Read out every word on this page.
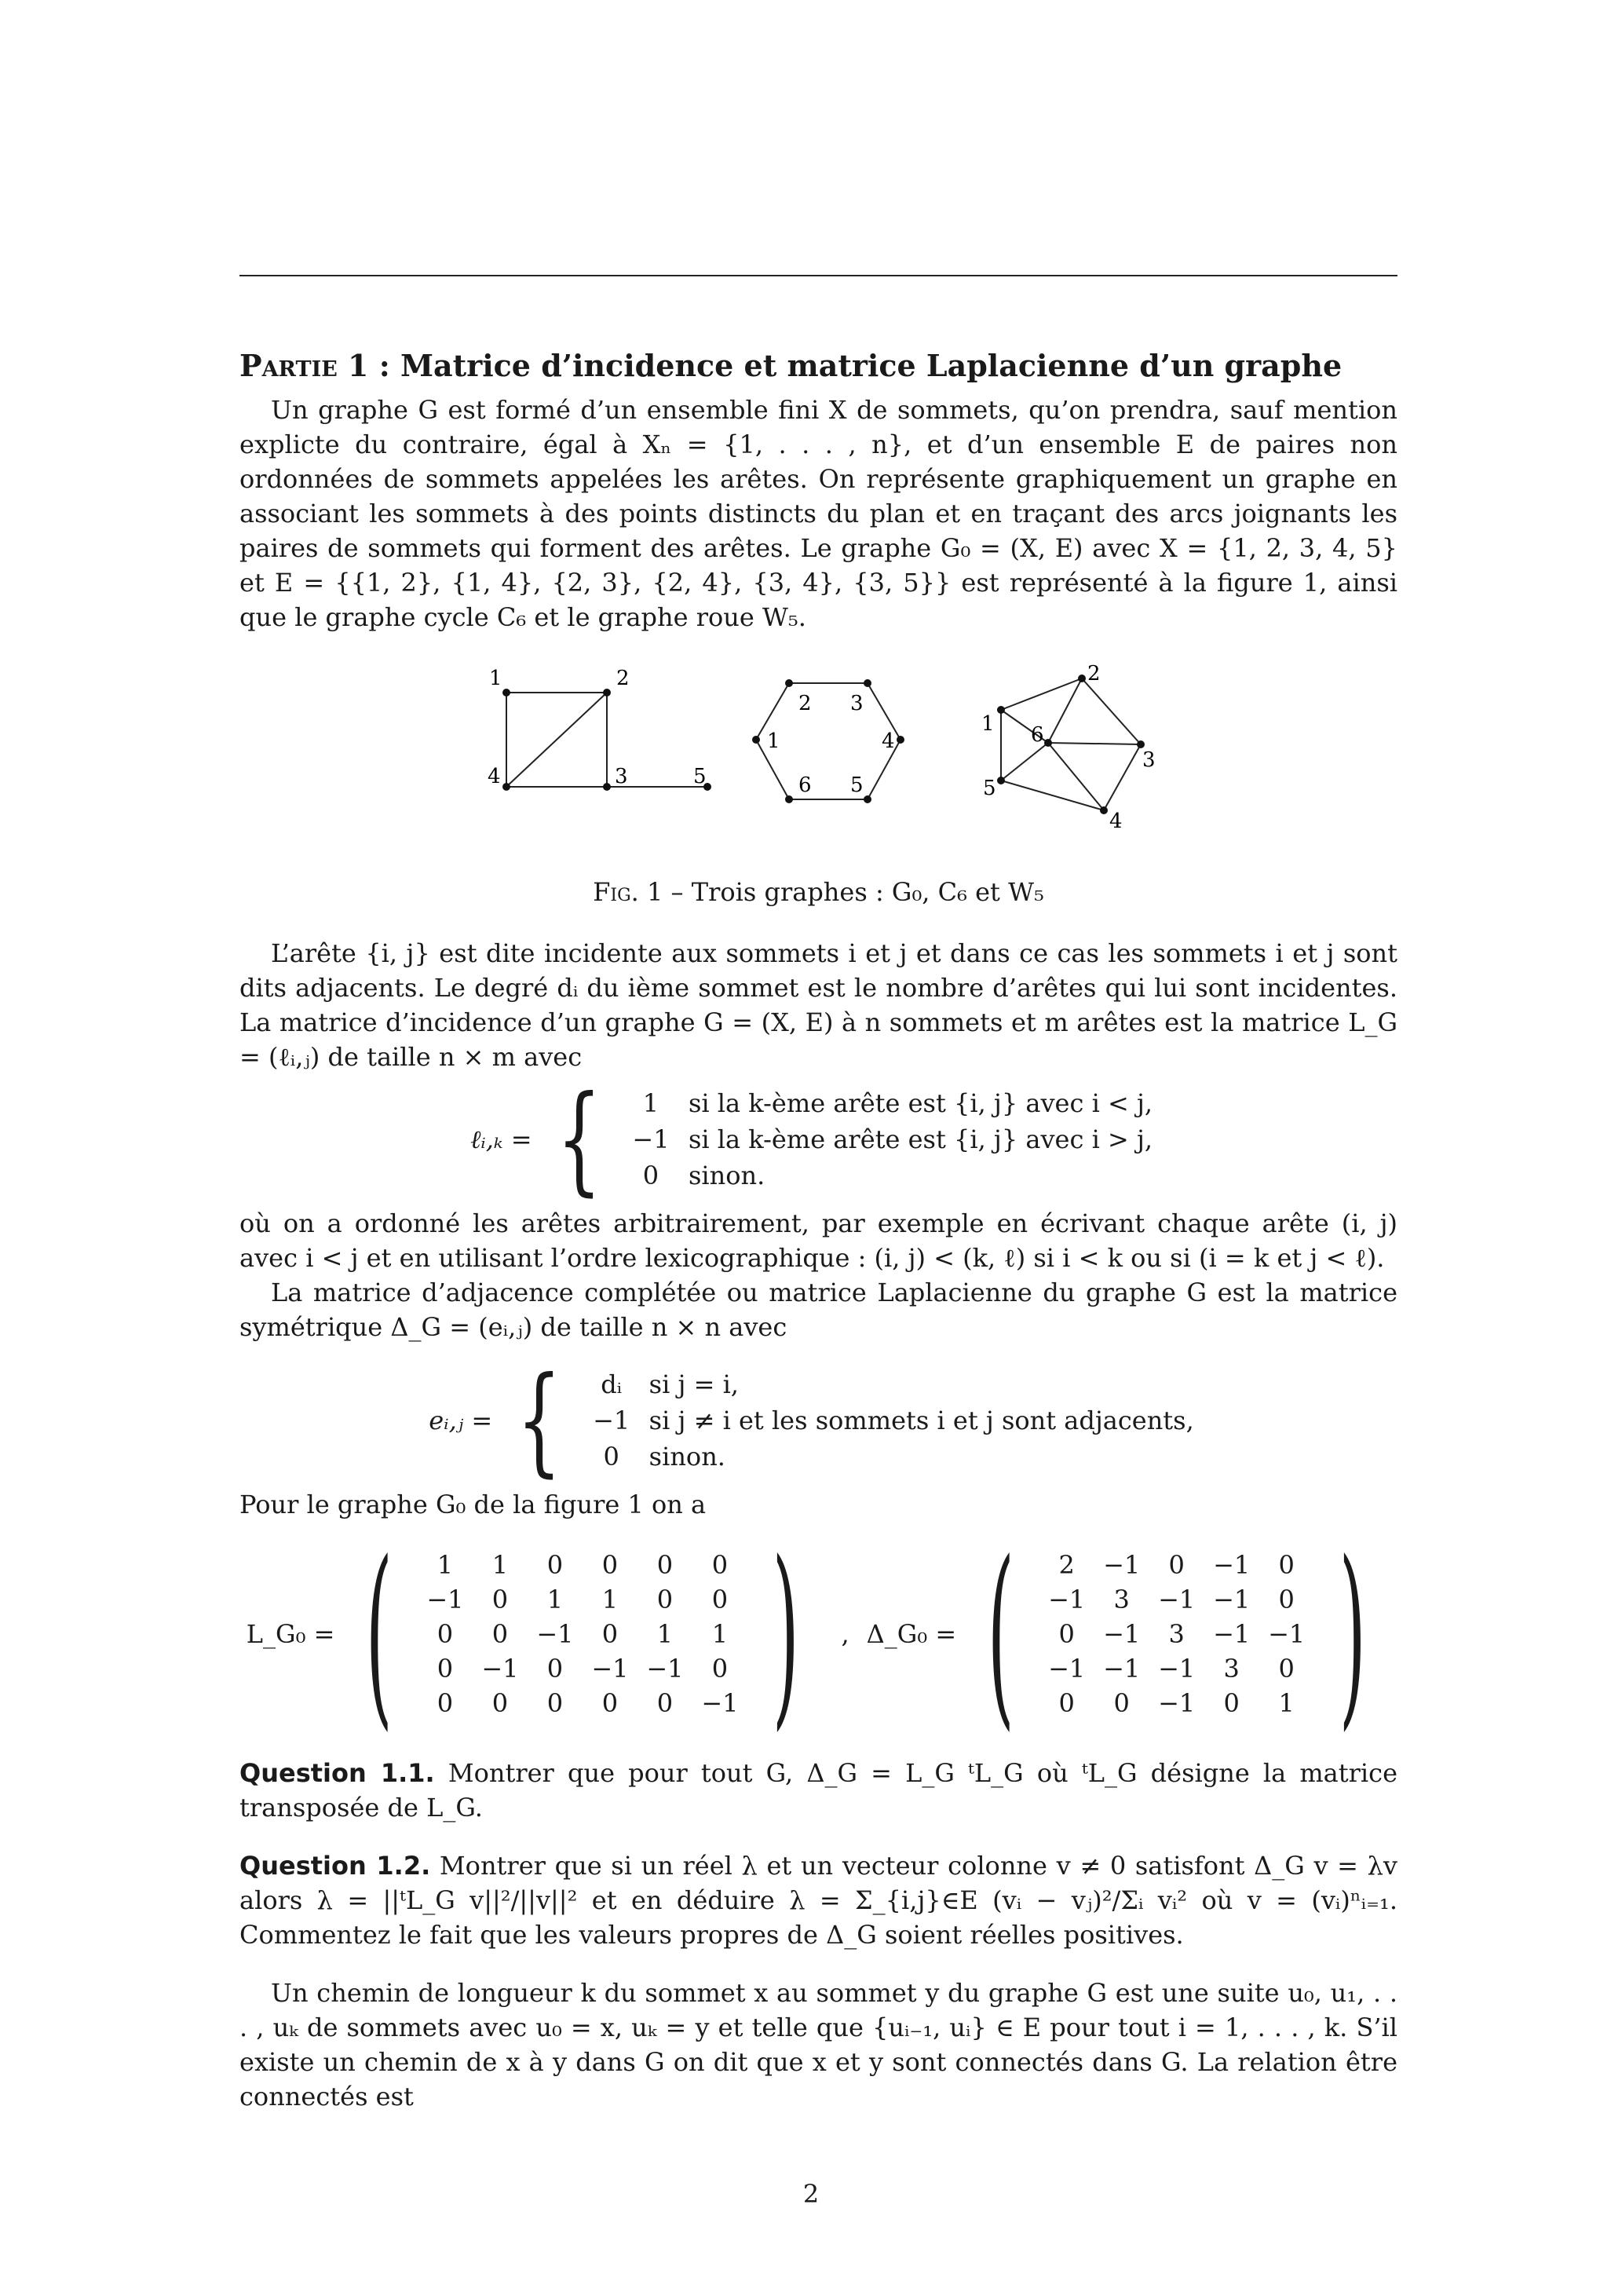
Partie 1 : Matrice d’incidence et matrice Laplacienne d’un graphe

Un graphe G est formé d’un ensemble fini X de sommets, qu’on prendra, sauf mention explicte du contraire, égal à Xₙ = {1, . . . , n}, et d’un ensemble E de paires non ordonnées de sommets appelées les arêtes. On représente graphiquement un graphe en associant les sommets à des points distincts du plan et en traçant des arcs joignants les paires de sommets qui forment des arêtes. Le graphe G₀ = (X, E) avec X = {1, 2, 3, 4, 5} et E = {{1, 2}, {1, 4}, {2, 3}, {2, 4}, {3, 4}, {3, 5}} est représenté à la figure 1, ainsi que le graphe cycle C₆ et le graphe roue W₅.

1	2
4	3	5
2 3
1	4
6 5
2
1 6
3
5
4
Fig. 1 – Trois graphes : G₀, C₆ et W₅

L’arête {i, j} est dite incidente aux sommets i et j et dans ce cas les sommets i et j sont dits adjacents. Le degré dᵢ du ième sommet est le nombre d’arêtes qui lui sont incidentes. La matrice d’incidence d’un graphe G = (X, E) à n sommets et m arêtes est la matrice L_G = (ℓᵢ,ⱼ) de taille n × m avec

ℓᵢ,ₖ = { 1	si la k-ème arête est {i, j} avec i < j,
−1	si la k-ème arête est {i, j} avec i > j,
0	sinon.

où on a ordonné les arêtes arbitrairement, par exemple en écrivant chaque arête (i, j) avec i < j et en utilisant l’ordre lexicographique : (i, j) < (k, ℓ) si i < k ou si (i = k et j < ℓ).

La matrice d’adjacence complétée ou matrice Laplacienne du graphe G est la matrice symétrique Δ_G = (eᵢ,ⱼ) de taille n × n avec

eᵢ,ⱼ = { dᵢ	si j = i,
−1	si j ≠ i et les sommets i et j sont adjacents,
0	sinon.

Pour le graphe G₀ de la figure 1 on a

L_G₀ = ( 1	1	0	0	0	0
−1	0	1	1	0	0
0	0	−1	0	1	1
0	−1	0	−1	−1	0
0	0	0	0	0	−1 ) , Δ_G₀ = ( 2	−1	0	−1	0
−1	3	−1	−1	0
0	−1	3	−1	−1
−1	−1	−1	3	0
0	0	−1	0	1 )

Question 1.1. Montrer que pour tout G, Δ_G = L_G ᵗL_G où ᵗL_G désigne la matrice transposée de L_G.

Question 1.2. Montrer que si un réel λ et un vecteur colonne v ≠ 0 satisfont Δ_G v = λv alors λ = ||ᵗL_G v||²/||v||² et en déduire λ = Σ_{i,j}∈E (vᵢ − vⱼ)²/Σᵢ vᵢ² où v = (vᵢ)ⁿᵢ₌₁. Commentez le fait que les valeurs propres de Δ_G soient réelles positives.

Un chemin de longueur k du sommet x au sommet y du graphe G est une suite u₀, u₁, . . . , uₖ de sommets avec u₀ = x, uₖ = y et telle que {uᵢ₋₁, uᵢ} ∈ E pour tout i = 1, . . . , k. S’il existe un chemin de x à y dans G on dit que x et y sont connectés dans G. La relation être connectés est

2
